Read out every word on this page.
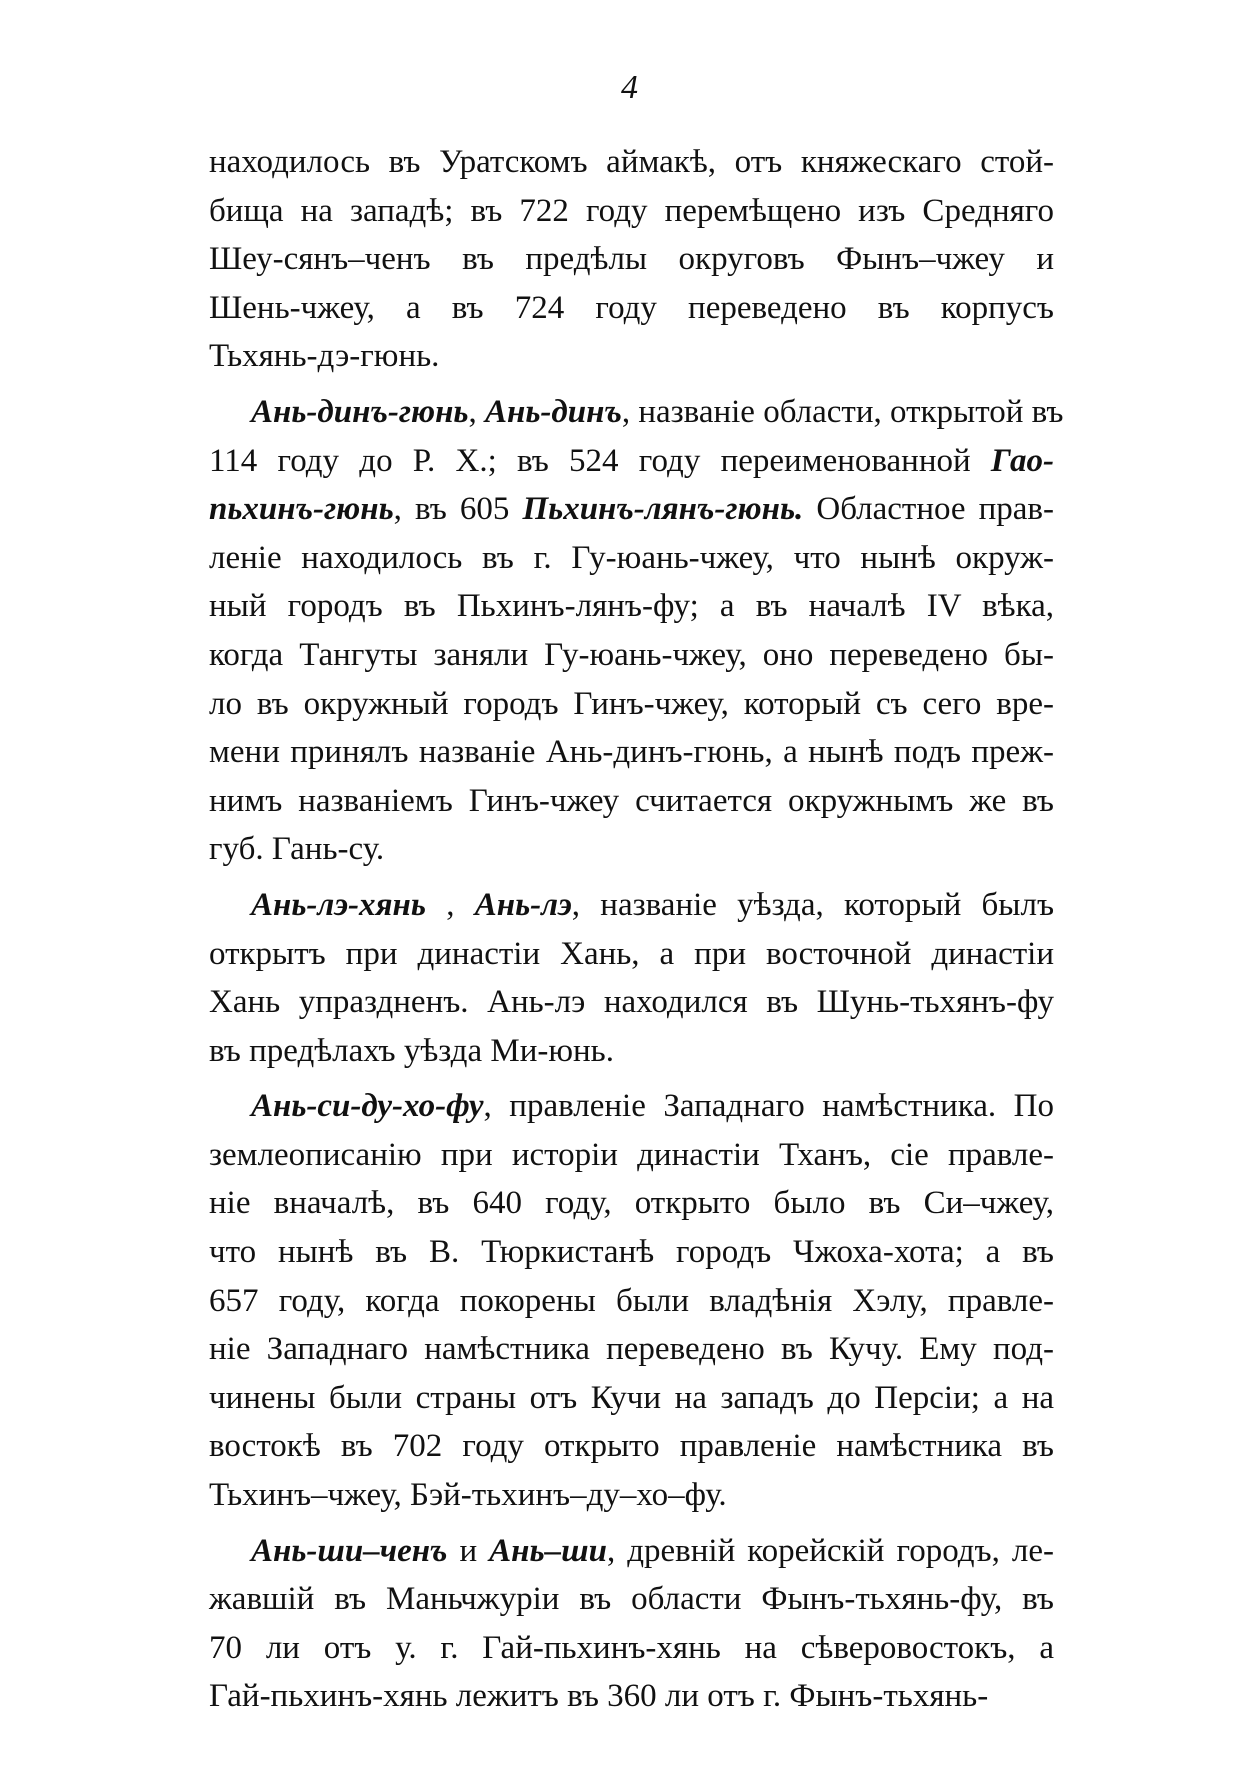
4
находилось въ Уратскомъ аймакѣ, отъ княжескаго стой-
бища на западѣ; въ 722 году перемѣщено изъ Средняго
Шеу-сянъ–ченъ въ предѣлы округовъ Фынъ–чжеу и
Шень-чжеу, а въ 724 году переведено въ корпусъ
Тьхянь-дэ-гюнь.
Ань-динъ-гюнь, Ань-динъ, названіе области, открытой въ
114 году до Р. Х.; въ 524 году переименованной Гао-
пьхинъ-гюнь, въ 605 Пьхинъ-лянъ-гюнь. Областное прав-
леніе находилось въ г. Гу-юань-чжеу, что нынѣ окруж-
ный городъ въ Пьхинъ-лянъ-фу; а въ началѣ IV вѣка,
когда Тангуты заняли Гу-юань-чжеу, оно переведено бы-
ло въ окружный городъ Гинъ-чжеу, который съ сего вре-
мени принялъ названіе Ань-динъ-гюнь, а нынѣ подъ преж-
нимъ названіемъ Гинъ-чжеу считается окружнымъ же въ
губ. Гань-су.
Ань-лэ-хянь , Ань-лэ, названіе уѣзда, который былъ
открытъ при династіи Хань, а при восточной династіи
Хань упраздненъ. Ань-лэ находился въ Шунь-тьхянъ-фу
въ предѣлахъ уѣзда Ми-юнь.
Ань-си-ду-хо-фу, правленіе Западнаго намѣстника. По
землеописанію при исторіи династіи Тханъ, сіе правле-
ніе вначалѣ, въ 640 году, открыто было въ Си–чжеу,
что нынѣ въ В. Тюркистанѣ городъ Чжоха-хота; а въ
657 году, когда покорены были владѣнія Хэлу, правле-
ніе Западнаго намѣстника переведено въ Кучу. Ему под-
чинены были страны отъ Кучи на западъ до Персіи; а на
востокѣ въ 702 году открыто правленіе намѣстника въ
Тьхинъ–чжеу, Бэй-тьхинъ–ду–хо–фу.
Ань-ши–ченъ и Ань–ши, древній корейскій городъ, ле-
жавшій въ Маньчжуріи въ области Фынъ-тьхянь-фу, въ
70 ли отъ у. г. Гай-пьхинъ-хянь на сѣверовостокъ, а
Гай-пьхинъ-хянь лежитъ въ 360 ли отъ г. Фынъ-тьхянь-
